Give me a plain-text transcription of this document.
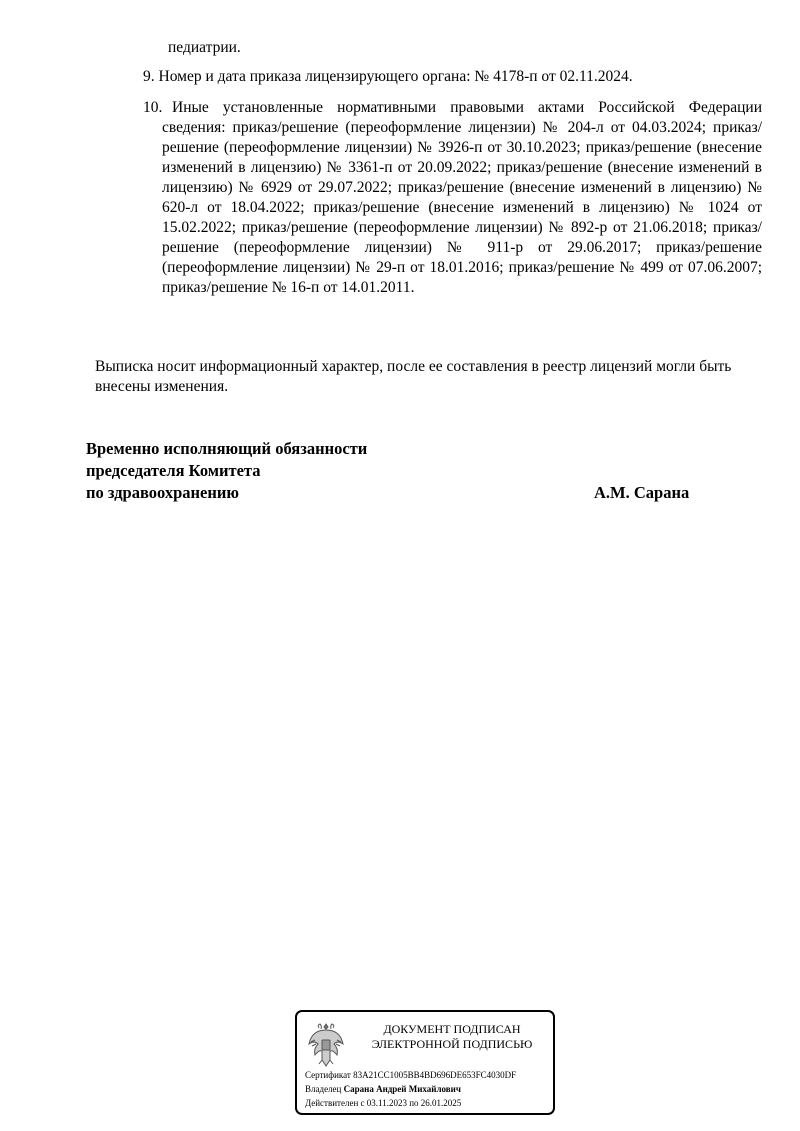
педиатрии.
9. Номер и дата приказа лицензирующего органа: № 4178-п от 02.11.2024.
10. Иные установленные нормативными правовыми актами Российской Федерации
сведения: приказ/решение (переоформление лицензии) № 204-л от 04.03.2024; приказ/решение (переоформление лицензии) № 3926-п от 30.10.2023; приказ/решение (внесение изменений в лицензию) № 3361-п от 20.09.2022; приказ/решение (внесение изменений в лицензию) № 6929 от 29.07.2022; приказ/решение (внесение изменений в лицензию) № 620-л от 18.04.2022; приказ/решение (внесение изменений в лицензию) № 1024 от 15.02.2022; приказ/решение (переоформление лицензии) № 892-р от 21.06.2018; приказ/решение (переоформление лицензии) № 911-р от 29.06.2017; приказ/решение (переоформление лицензии) № 29-п от 18.01.2016; приказ/решение № 499 от 07.06.2007; приказ/решение № 16-п от 14.01.2011.
Выписка носит информационный характер, после ее составления в реестр лицензий могли быть внесены изменения.
Временно исполняющий обязанности
председателя Комитета
по здравоохранению	А.М. Сарана
ДОКУМЕНТ ПОДПИСАН
ЭЛЕКТРОННОЙ ПОДПИСЬЮ
Сертификат 83A21CC1005BB4BD696DE653FC4030DF
Владелец Сарана Андрей Михайлович
Действителен с 03.11.2023 по 26.01.2025
